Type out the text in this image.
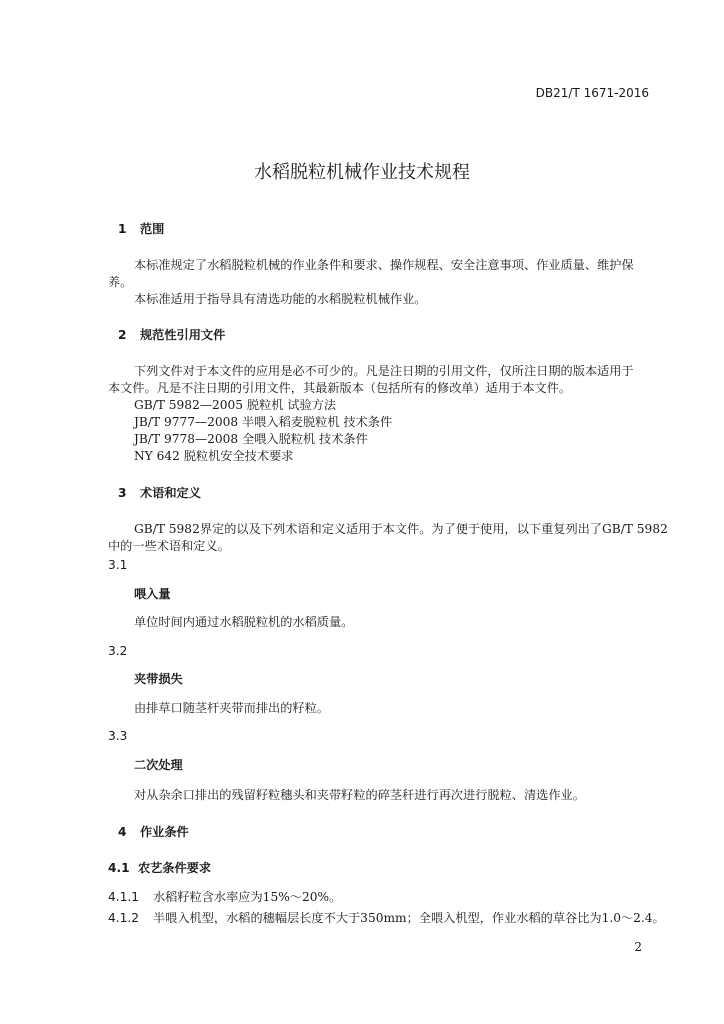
DB21/T 1671-2016
水稻脱粒机械作业技术规程
1 范围
本标准规定了水稻脱粒机械的作业条件和要求、操作规程、安全注意事项、作业质量、维护保
养。
本标准适用于指导具有清选功能的水稻脱粒机械作业。
2 规范性引用文件
下列文件对于本文件的应用是必不可少的。凡是注日期的引用文件，仅所注日期的版本适用于
本文件。凡是不注日期的引用文件，其最新版本（包括所有的修改单）适用于本文件。
GB/T 5982—2005 脱粒机 试验方法
JB/T 9777—2008 半喂入稻麦脱粒机 技术条件
JB/T 9778—2008 全喂入脱粒机 技术条件
NY 642 脱粒机安全技术要求
3 术语和定义
GB/T 5982界定的以及下列术语和定义适用于本文件。为了便于使用，以下重复列出了GB/T 5982
中的一些术语和定义。
3.1
喂入量
单位时间内通过水稻脱粒机的水稻质量。
3.2
夹带损失
由排草口随茎杆夹带而排出的籽粒。
3.3
二次处理
对从杂余口排出的残留籽粒穗头和夹带籽粒的碎茎秆进行再次进行脱粒、清选作业。
4 作业条件
4.1 农艺条件要求
4.1.1 水稻籽粒含水率应为15%～20%。
4.1.2 半喂入机型，水稻的穗幅层长度不大于350mm；全喂入机型，作业水稻的草谷比为1.0～2.4。
2
